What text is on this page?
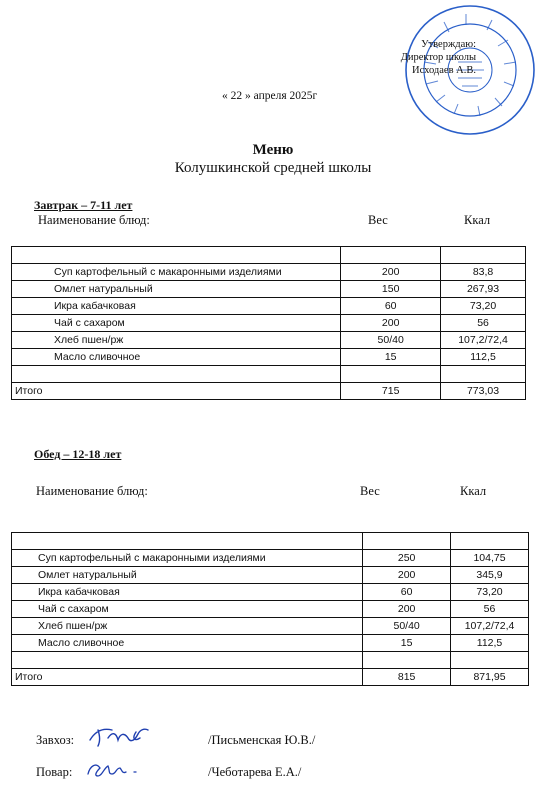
Утверждаю:
Директор школы
Исходаев А.В.
« 22 » апреля 2025г
Меню
Колушкинской средней школы
Завтрак – 7-11 лет
Наименование блюд:	Вес	Ккал

Суп картофельный с макаронными изделиями	200	83,8
Омлет натуральный	150	267,93
Икра кабачковая	60	73,20
Чай с сахаром	200	56
Хлеб пшен/рж	50/40	107,2/72,4
Масло сливочное	15	112,5

Итого	715	773,03
Обед – 12-18 лет
Наименование блюд:	Вес	Ккал

Суп картофельный с макаронными изделиями	250	104,75
Омлет натуральный	200	345,9
Икра кабачковая	60	73,20
Чай с сахаром	200	56
Хлеб пшен/рж	50/40	107,2/72,4
Масло сливочное	15	112,5

Итого	815	871,95
Завхоз:	/Письменская Ю.В./
Повар:	/Чеботарева Е.А./
